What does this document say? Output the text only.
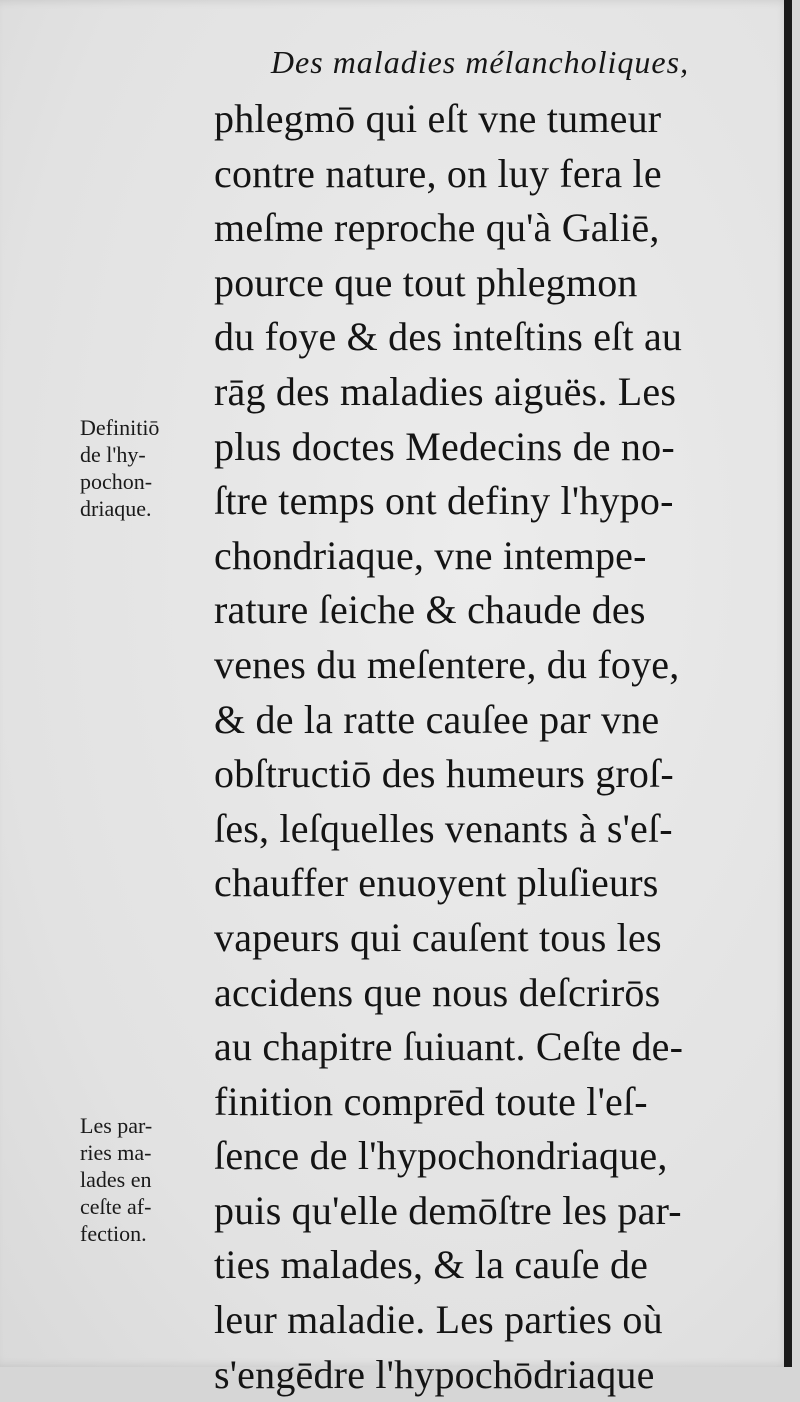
Des maladies mélancholiques,
phlegmō qui eſt vne tumeur
contre nature, on luy fera le
meſme reproche qu'à Galiē,
pource que tout phlegmon
du foye & des inteſtins eſt au
rāg des maladies aiguës. Les
plus doctes Medecins de no-
ſtre temps ont definy l'hypo-
chondriaque, vne intempe-
rature ſeiche & chaude des
venes du meſentere, du foye,
& de la ratte cauſee par vne
obſtructiō des humeurs groſ-
ſes, leſquelles venants à s'eſ-
chauffer enuoyent pluſieurs
vapeurs qui cauſent tous les
accidens que nous deſcrirōs
au chapitre ſuiuant. Ceſte de-
finition comprēd toute l'eſ-
ſence de l'hypochondriaque,
puis qu'elle demōſtre les par-
ties malades, & la cauſe de
leur maladie. Les parties où
s'engēdre l'hypochōdriaque
Definitiō
de l'hy-
pochon-
driaque.
Les par-
ries ma-
lades en
ceſte af-
fection.
